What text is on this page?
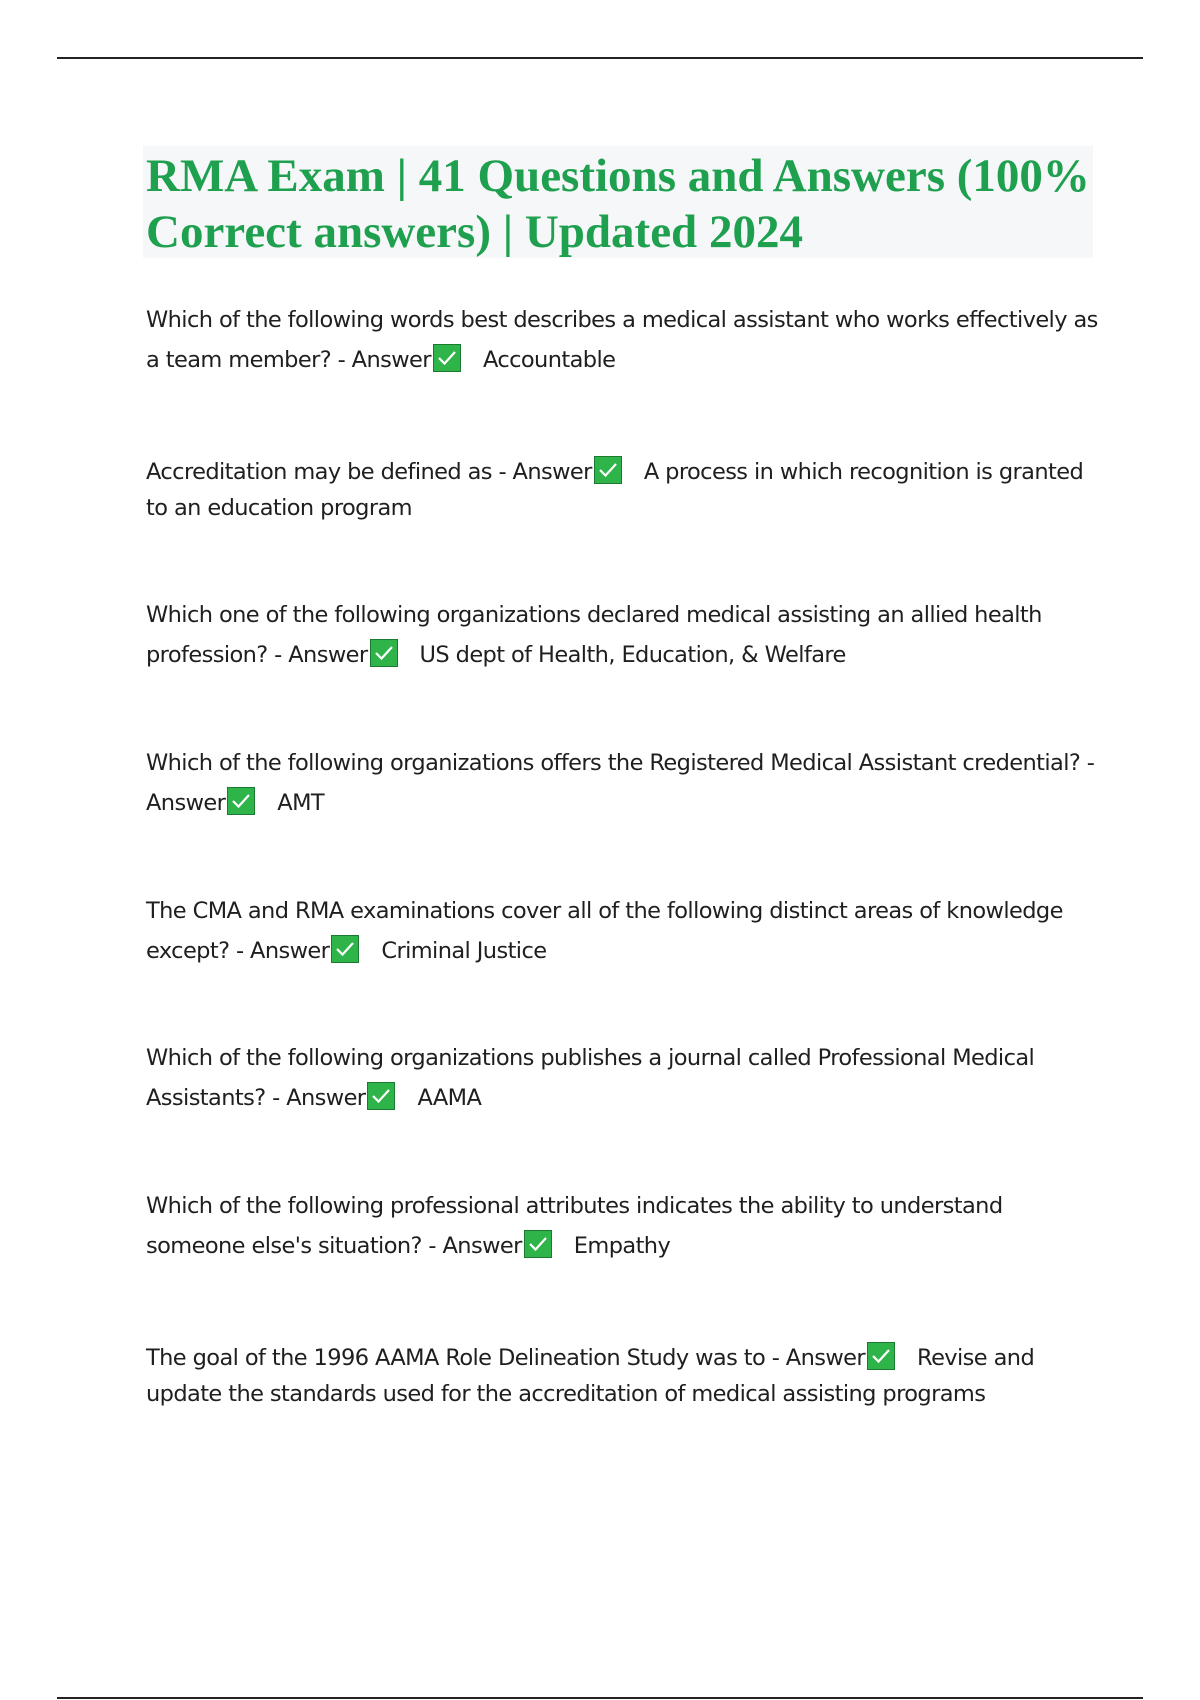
RMA Exam | 41 Questions and Answers (100% Correct answers) | Updated 2024

Which of the following words best describes a medical assistant who works effectively as a team member? - Answer Accountable

Accreditation may be defined as - Answer A process in which recognition is granted to an education program

Which one of the following organizations declared medical assisting an allied health profession? - Answer US dept of Health, Education, & Welfare

Which of the following organizations offers the Registered Medical Assistant credential? - Answer AMT

The CMA and RMA examinations cover all of the following distinct areas of knowledge except? - Answer Criminal Justice

Which of the following organizations publishes a journal called Professional Medical Assistants? - Answer AAMA

Which of the following professional attributes indicates the ability to understand someone else's situation? - Answer Empathy

The goal of the 1996 AAMA Role Delineation Study was to - Answer Revise and update the standards used for the accreditation of medical assisting programs
